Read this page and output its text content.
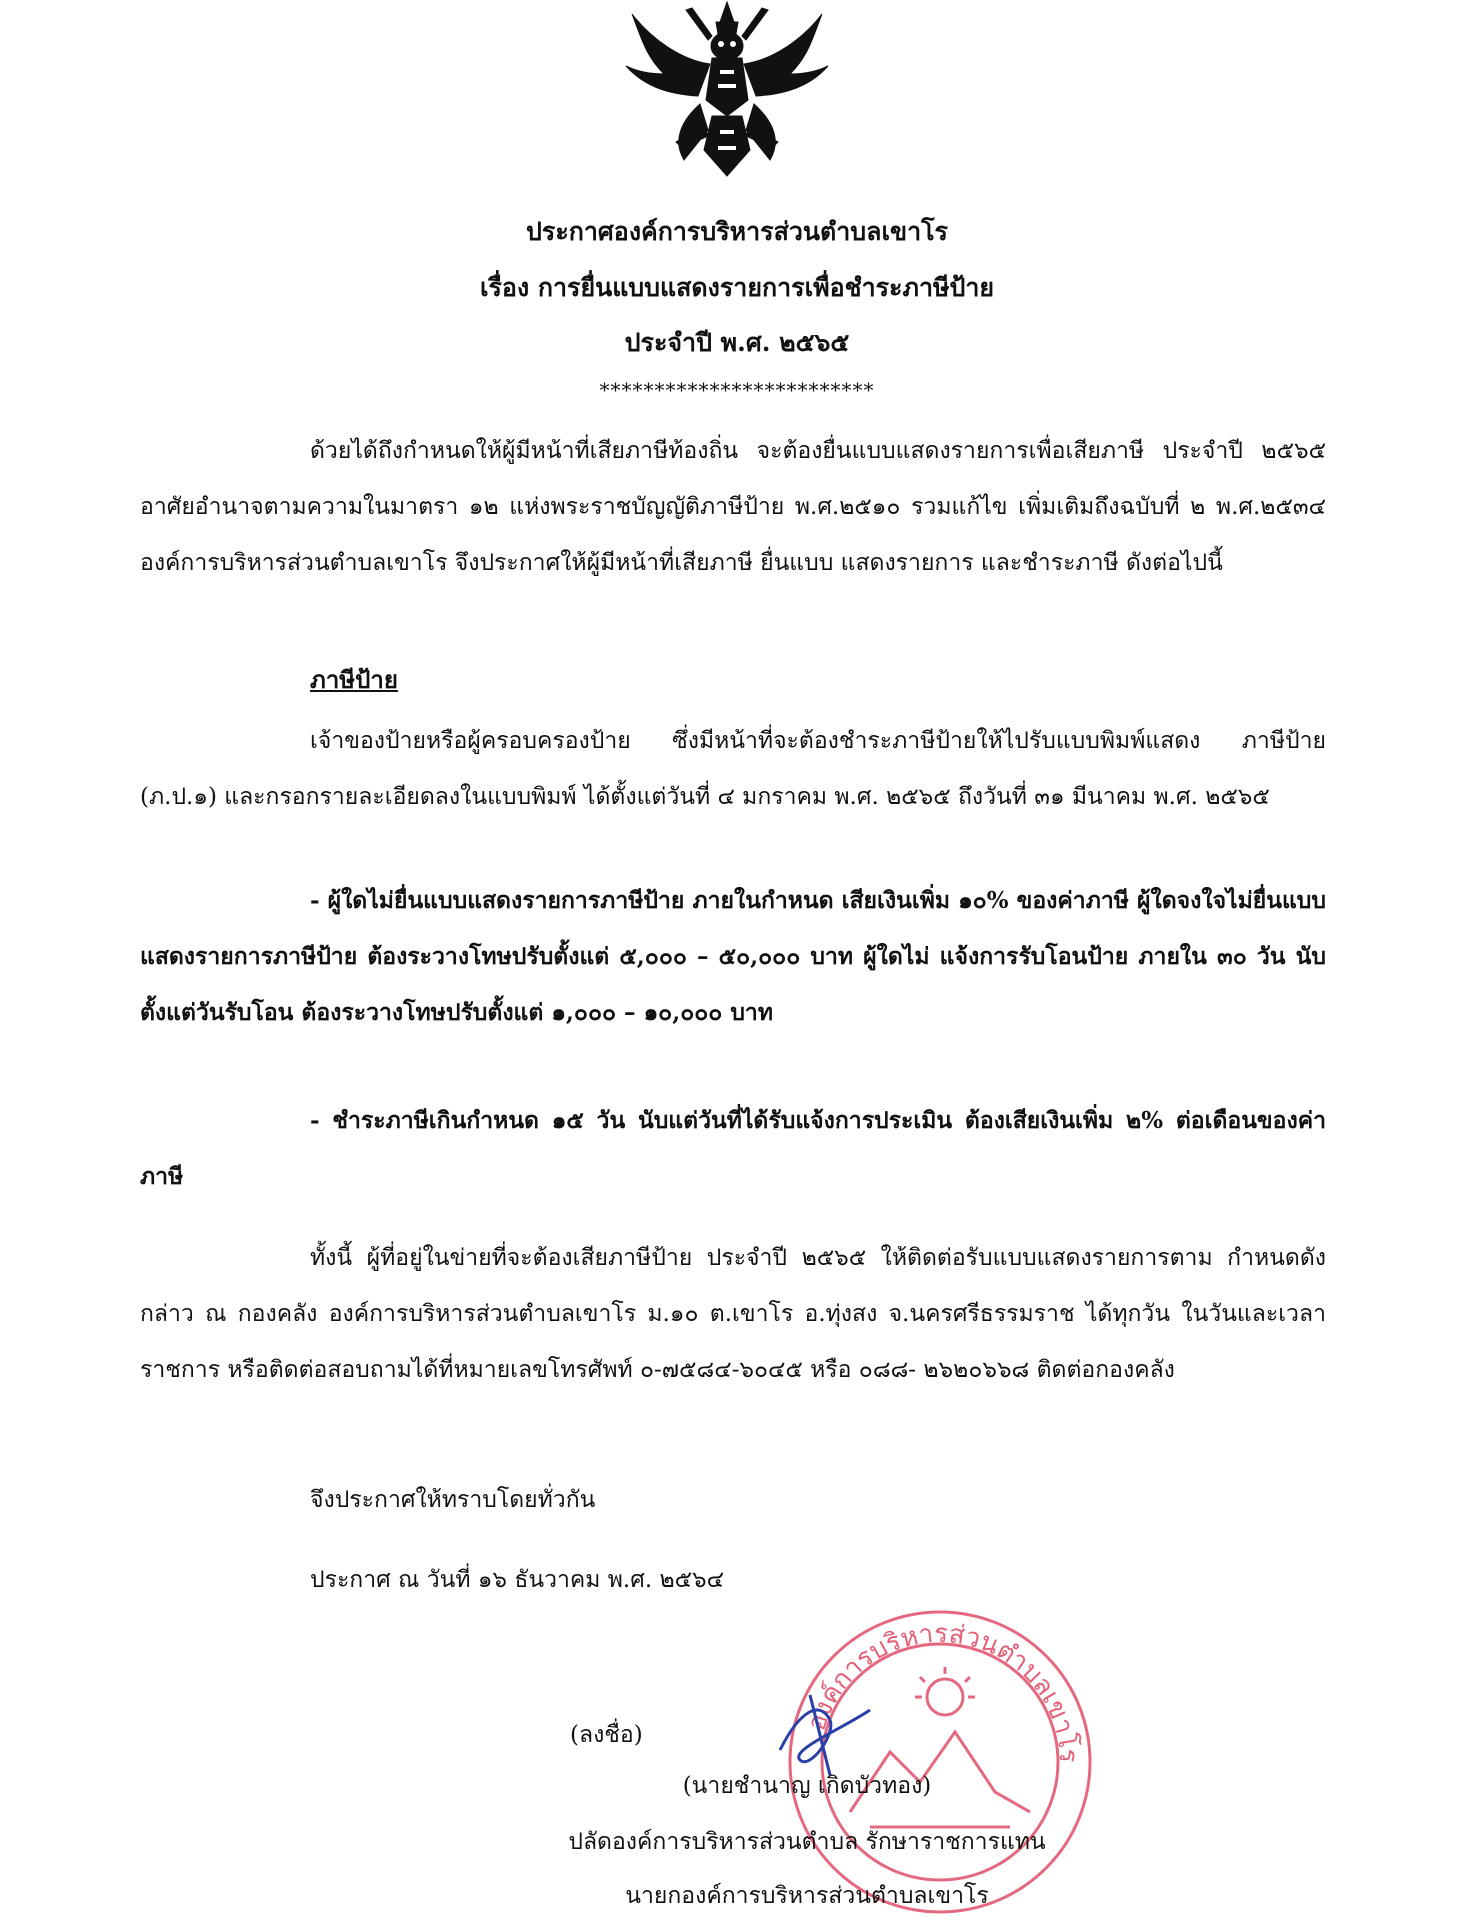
ประกาศองค์การบริหารส่วนตำบลเขาโร
เรื่อง การยื่นแบบแสดงรายการเพื่อชำระภาษีป้าย
ประจำปี พ.ศ. ๒๕๖๕
*************************

ด้วยได้ถึงกำหนดให้ผู้มีหน้าที่เสียภาษีท้องถิ่น จะต้องยื่นแบบแสดงรายการเพื่อเสียภาษี ประจำปี ๒๕๖๕ อาศัยอำนาจตามความในมาตรา ๑๒ แห่งพระราชบัญญัติภาษีป้าย พ.ศ.๒๕๑๐ รวมแก้ไข เพิ่มเติมถึงฉบับที่ ๒ พ.ศ.๒๕๓๔ องค์การบริหารส่วนตำบลเขาโร จึงประกาศให้ผู้มีหน้าที่เสียภาษี ยื่นแบบ แสดงรายการ และชำระภาษี ดังต่อไปนี้

ภาษีป้าย

เจ้าของป้ายหรือผู้ครอบครองป้าย ซึ่งมีหน้าที่จะต้องชำระภาษีป้ายให้ไปรับแบบพิมพ์แสดง ภาษีป้าย (ภ.ป.๑) และกรอกรายละเอียดลงในแบบพิมพ์ ได้ตั้งแต่วันที่ ๔ มกราคม พ.ศ. ๒๕๖๕ ถึงวันที่ ๓๑ มีนาคม พ.ศ. ๒๕๖๕

- ผู้ใดไม่ยื่นแบบแสดงรายการภาษีป้าย ภายในกำหนด เสียเงินเพิ่ม ๑๐% ของค่าภาษี ผู้ใดจงใจไม่ยื่นแบบแสดงรายการภาษีป้าย ต้องระวางโทษปรับตั้งแต่ ๕,๐๐๐ – ๕๐,๐๐๐ บาท ผู้ใดไม่ แจ้งการรับโอนป้าย ภายใน ๓๐ วัน นับตั้งแต่วันรับโอน ต้องระวางโทษปรับตั้งแต่ ๑,๐๐๐ – ๑๐,๐๐๐ บาท

- ชำระภาษีเกินกำหนด ๑๕ วัน นับแต่วันที่ได้รับแจ้งการประเมิน ต้องเสียเงินเพิ่ม ๒% ต่อเดือนของค่าภาษี

ทั้งนี้ ผู้ที่อยู่ในข่ายที่จะต้องเสียภาษีป้าย ประจำปี ๒๕๖๕ ให้ติดต่อรับแบบแสดงรายการตาม กำหนดดังกล่าว ณ กองคลัง องค์การบริหารส่วนตำบลเขาโร ม.๑๐ ต.เขาโร อ.ทุ่งสง จ.นครศรีธรรมราช ได้ทุกวัน ในวันและเวลาราชการ หรือติดต่อสอบถามได้ที่หมายเลขโทรศัพท์ ๐-๗๕๘๔-๖๐๔๕ หรือ ๐๘๘- ๒๖๒๐๖๖๘ ติดต่อกองคลัง

จึงประกาศให้ทราบโดยทั่วกัน
ประกาศ ณ วันที่ ๑๖ ธันวาคม พ.ศ. ๒๕๖๔
องค์การบริหารส่วนตำบลเขาโร
(ลงชื่อ)
(นายชำนาญ เกิดบัวทอง)
ปลัดองค์การบริหารส่วนตำบล รักษาราชการแทน
นายกองค์การบริหารส่วนตำบลเขาโร
